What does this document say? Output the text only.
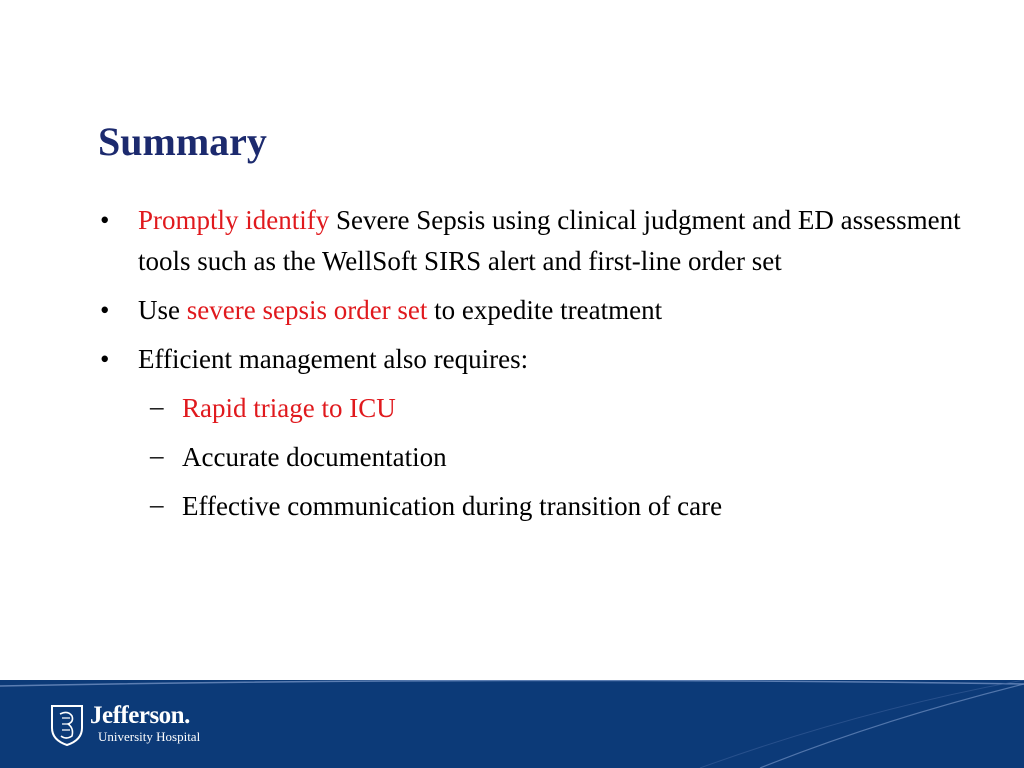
Summary

• Promptly identify Severe Sepsis using clinical judgment and ED assessment tools such as the WellSoft SIRS alert and first-line order set

• Use severe sepsis order set to expedite treatment

• Efficient management also requires:

– Rapid triage to ICU

– Accurate documentation

– Effective communication during transition of care

Jefferson.
University Hospital
